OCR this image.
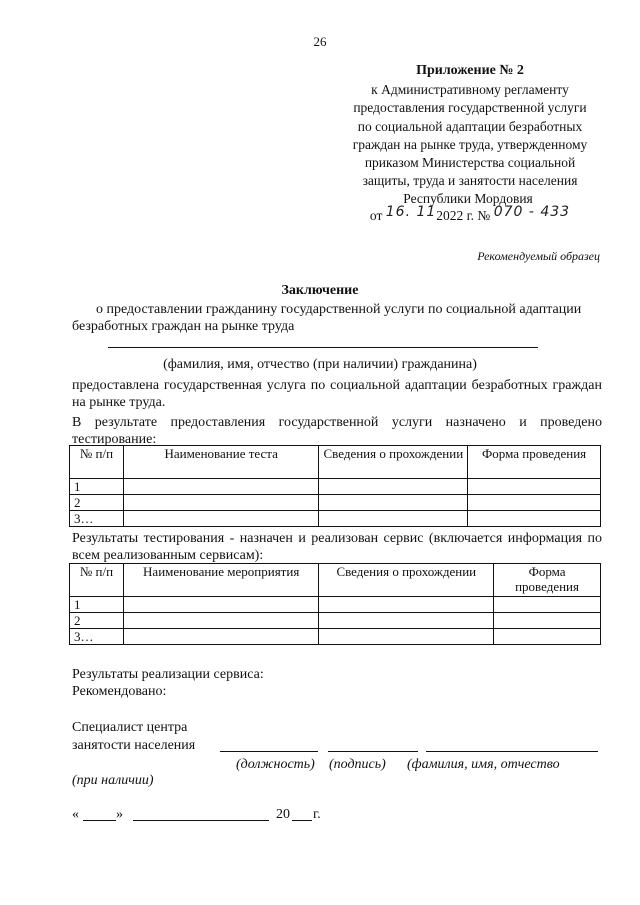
26
Приложение № 2
к Административному регламенту
предоставления государственной услуги
по социальной адаптации безработных
граждан на рынке труда, утвержденному
приказом Министерства социальной
защиты, труда и занятости населения
Республики Мордовия
от 16. 112022 г. № 070 - 433
Рекомендуемый образец
Заключение
о предоставлении гражданину государственной услуги по социальной адаптации безработных граждан на рынке труда
(фамилия, имя, отчество (при наличии) гражданина)
предоставлена государственная услуга по социальной адаптации безработных граждан на рынке труда.
В результате предоставления государственной услуги назначено и проведено тестирование:
№ п/п	Наименование теста	Сведения о прохождении	Форма проведения
1			
2			
3…			
Результаты тестирования - назначен и реализован сервис (включается информация по всем реализованным сервисам):
№ п/п	Наименование мероприятия	Сведения о прохождении	Форма проведения
1			
2			
3…			
Результаты реализации сервиса:
Рекомендовано:
Специалист центра
занятости населения
(должность) (подпись) (фамилия, имя, отчество
(при наличии)
«	»	20 г.
